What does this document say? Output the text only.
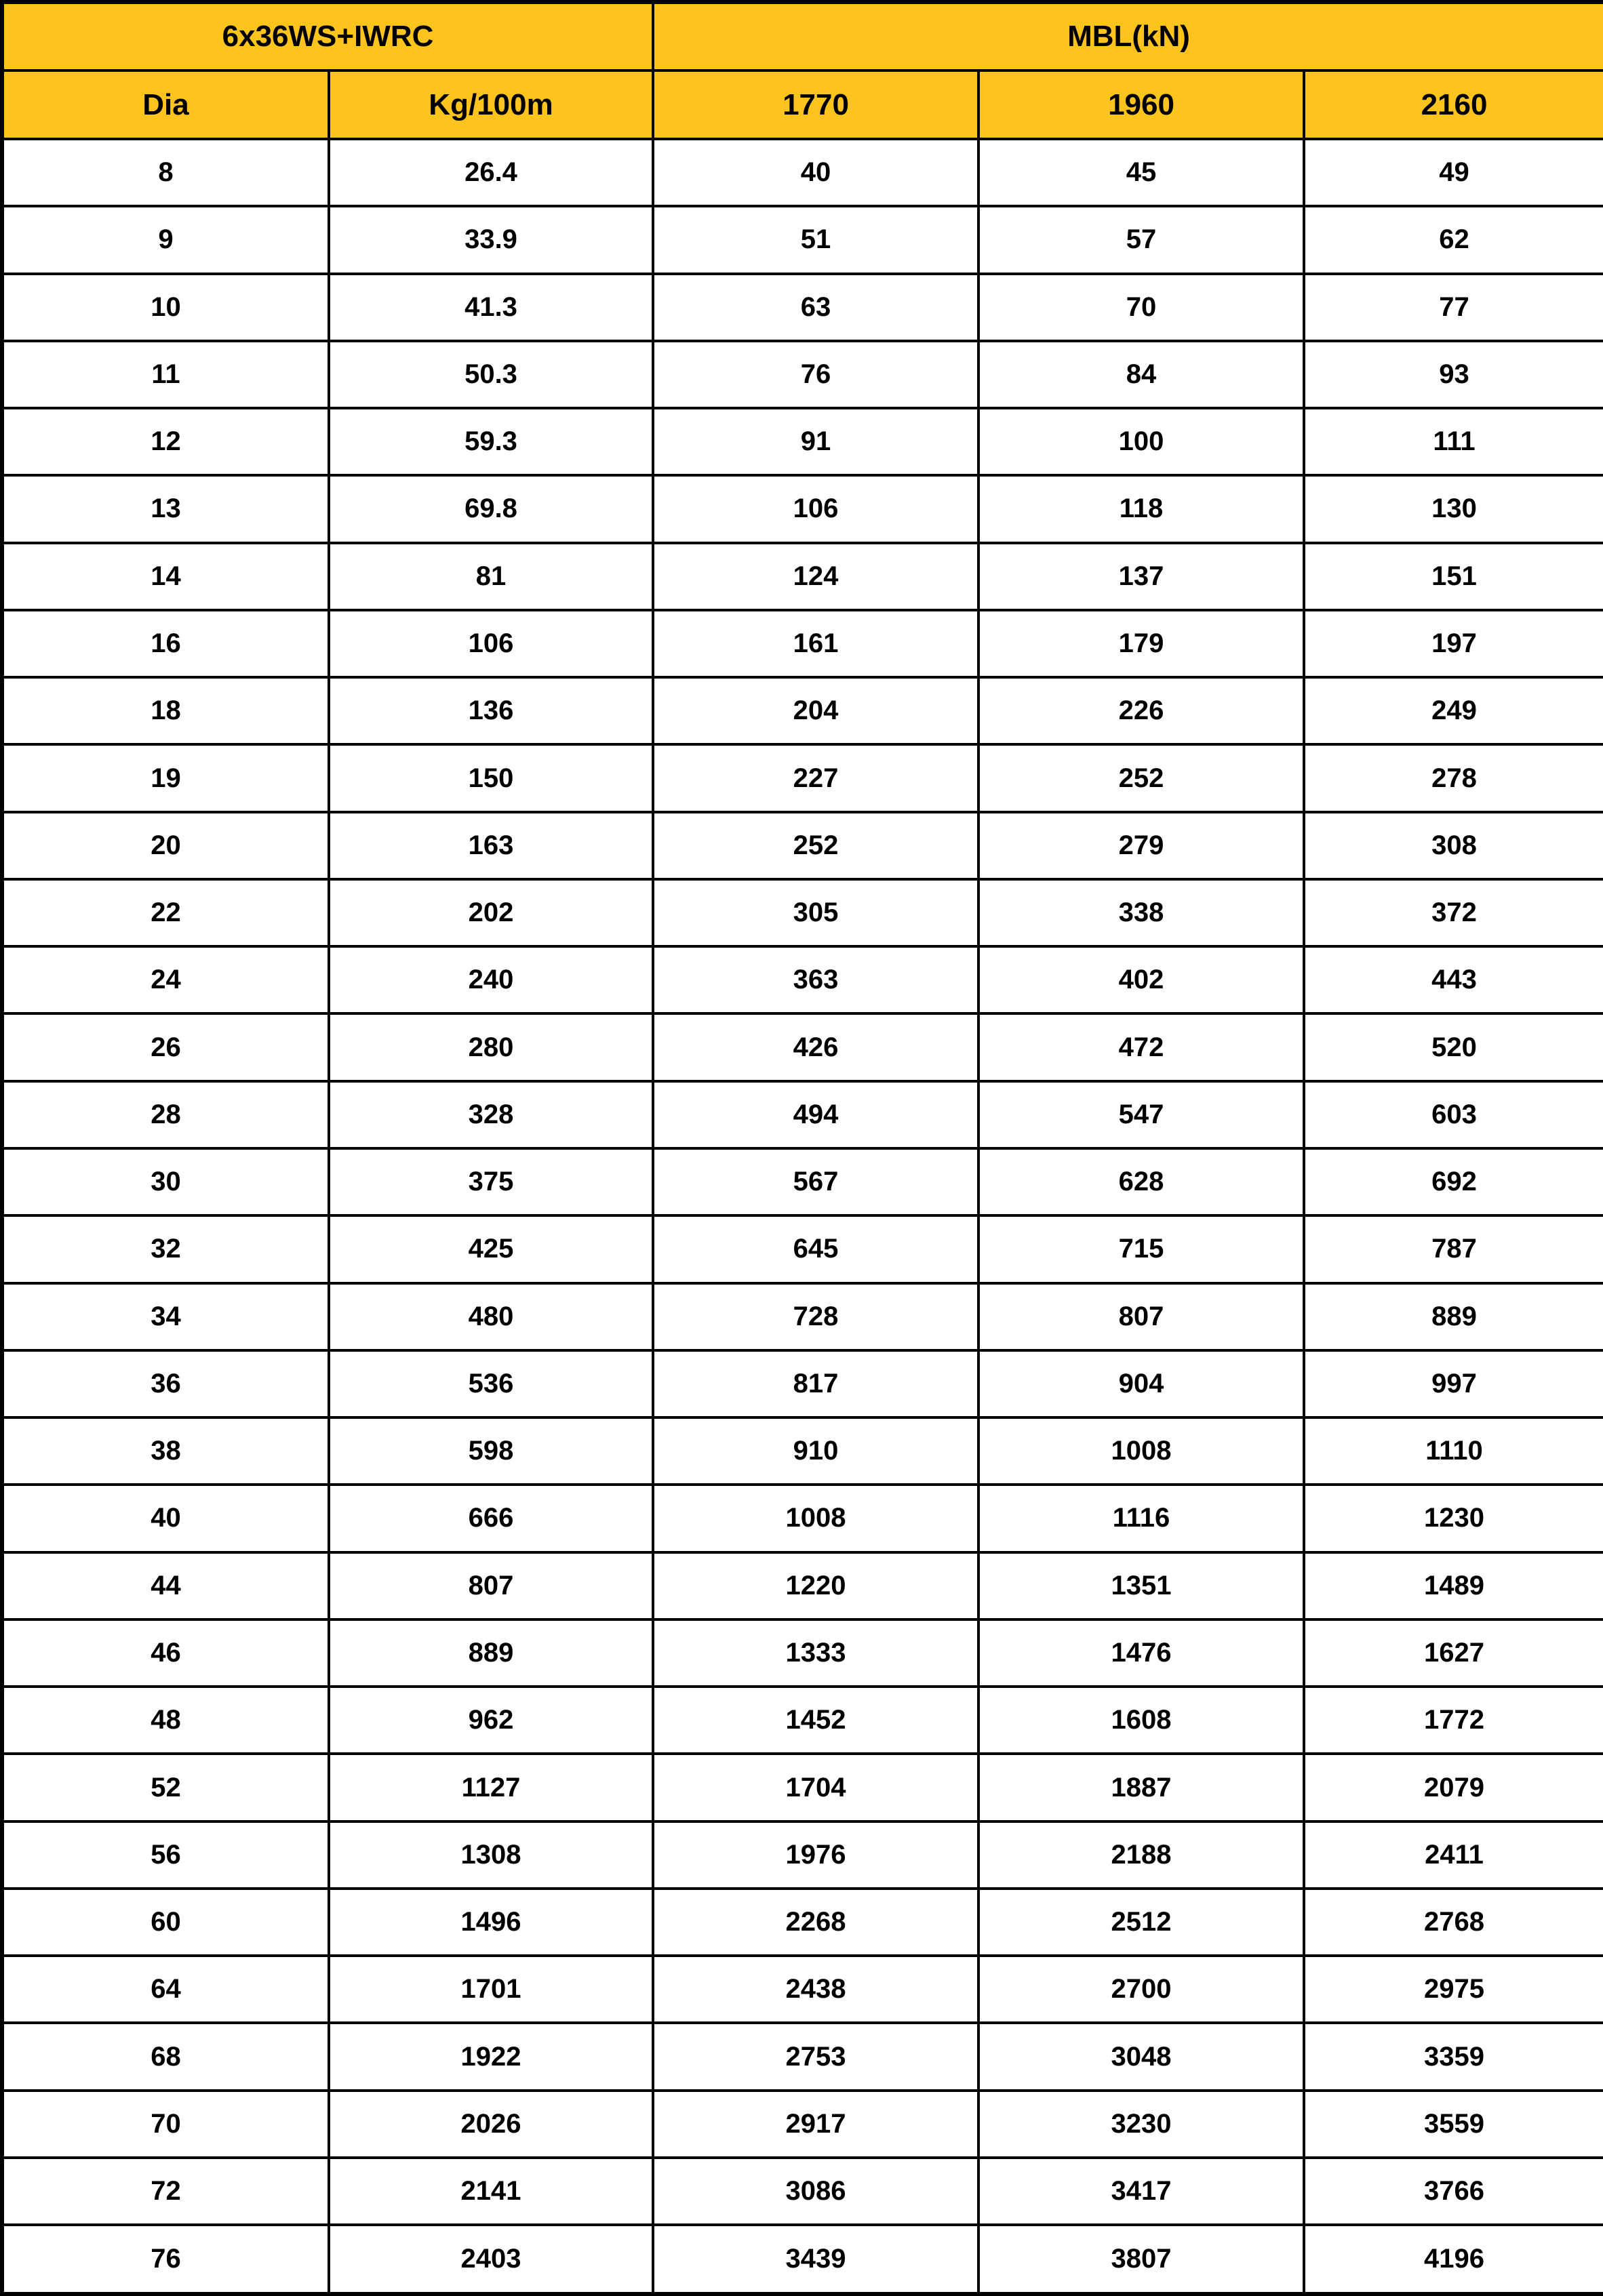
6x36WS+IWRC		MBL(kN)		
Dia	Kg/100m	1770	1960	2160
8	26.4	40	45	49
9	33.9	51	57	62
10	41.3	63	70	77
11	50.3	76	84	93
12	59.3	91	100	111
13	69.8	106	118	130
14	81	124	137	151
16	106	161	179	197
18	136	204	226	249
19	150	227	252	278
20	163	252	279	308
22	202	305	338	372
24	240	363	402	443
26	280	426	472	520
28	328	494	547	603
30	375	567	628	692
32	425	645	715	787
34	480	728	807	889
36	536	817	904	997
38	598	910	1008	1110
40	666	1008	1116	1230
44	807	1220	1351	1489
46	889	1333	1476	1627
48	962	1452	1608	1772
52	1127	1704	1887	2079
56	1308	1976	2188	2411
60	1496	2268	2512	2768
64	1701	2438	2700	2975
68	1922	2753	3048	3359
70	2026	2917	3230	3559
72	2141	3086	3417	3766
76	2403	3439	3807	4196
